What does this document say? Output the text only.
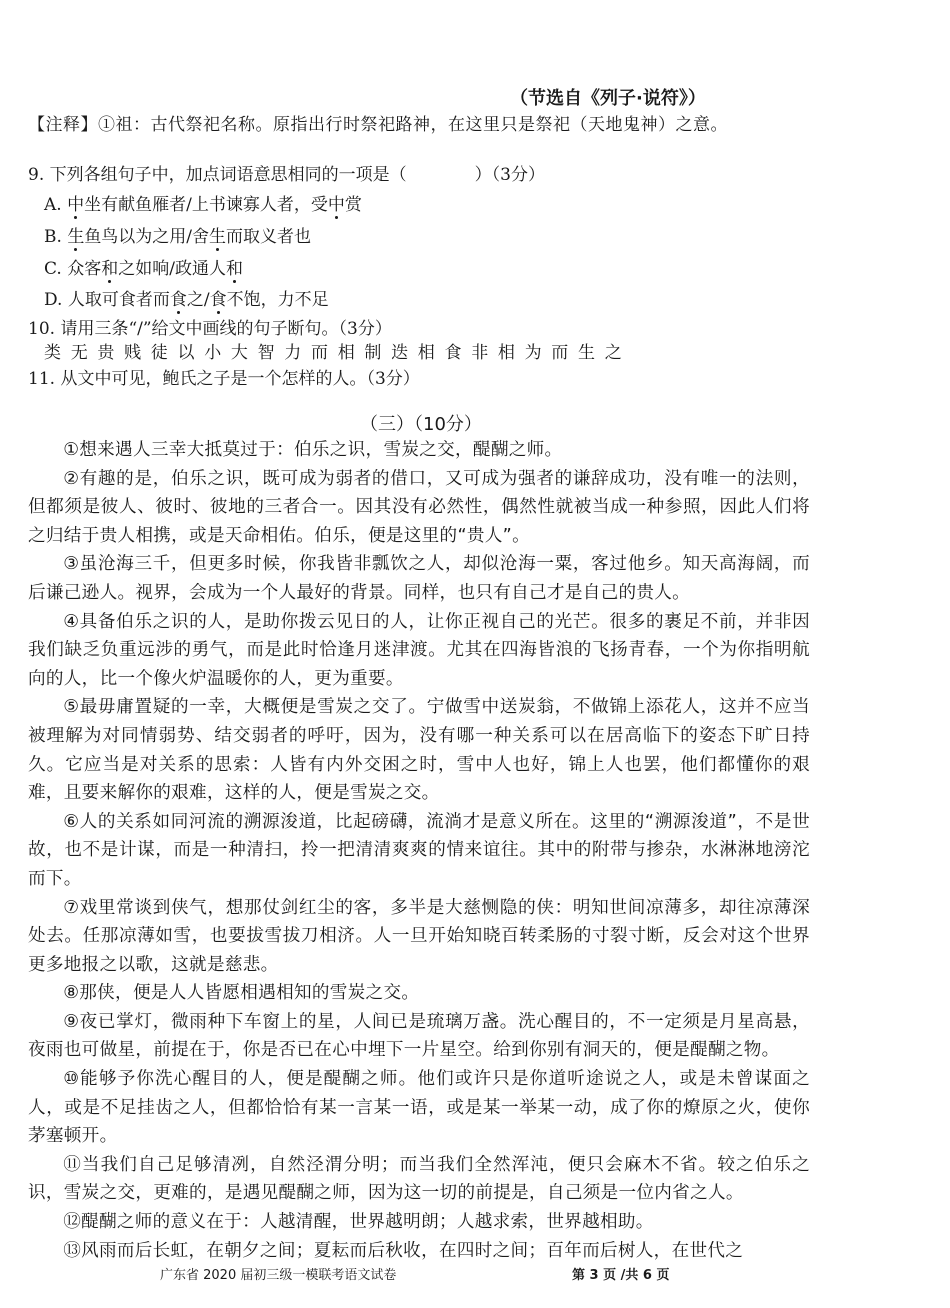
（节选自《列子·说符》）
【注释】①祖：古代祭祀名称。原指出行时祭祀路神，在这里只是祭祀（天地鬼神）之意。
9. 下列各组句子中，加点词语意思相同的一项是（　　　　）（3分）
A. 中坐有献鱼雁者/上书谏寡人者，受中赏
B. 生鱼鸟以为之用/舍生而取义者也
C. 众客和之如响/政通人和
D. 人取可食者而食之/食不饱，力不足
10. 请用三条“/”给文中画线的句子断句。（3分）
类无贵贱徒以小大智力而相制迭相食非相为而生之
11. 从文中可见，鲍氏之子是一个怎样的人。（3分）
（三）（10分）

①想来遇人三幸大抵莫过于：伯乐之识，雪炭之交，醍醐之师。

②有趣的是，伯乐之识，既可成为弱者的借口，又可成为强者的谦辞成功，没有唯一的法则，但都须是彼人、彼时、彼地的三者合一。因其没有必然性，偶然性就被当成一种参照，因此人们将之归结于贵人相携，或是天命相佑。伯乐，便是这里的“贵人”。

③虽沧海三千，但更多时候，你我皆非瓢饮之人，却似沧海一粟，客过他乡。知天高海阔，而后谦己逊人。视界，会成为一个人最好的背景。同样，也只有自己才是自己的贵人。

④具备伯乐之识的人，是助你拨云见日的人，让你正视自己的光芒。很多的裹足不前，并非因我们缺乏负重远涉的勇气，而是此时恰逢月迷津渡。尤其在四海皆浪的飞扬青春，一个为你指明航向的人，比一个像火炉温暖你的人，更为重要。

⑤最毋庸置疑的一幸，大概便是雪炭之交了。宁做雪中送炭翁，不做锦上添花人，这并不应当被理解为对同情弱势、结交弱者的呼吁，因为，没有哪一种关系可以在居高临下的姿态下旷日持久。它应当是对关系的思索：人皆有内外交困之时，雪中人也好，锦上人也罢，他们都懂你的艰难，且要来解你的艰难，这样的人，便是雪炭之交。

⑥人的关系如同河流的溯源浚道，比起磅礴，流淌才是意义所在。这里的“溯源浚道”，不是世故，也不是计谋，而是一种清扫，拎一把清清爽爽的情来谊往。其中的附带与掺杂，水淋淋地滂沱而下。

⑦戏里常谈到侠气，想那仗剑红尘的客，多半是大慈恻隐的侠：明知世间凉薄多，却往凉薄深处去。任那凉薄如雪，也要拔雪拔刀相济。人一旦开始知晓百转柔肠的寸裂寸断，反会对这个世界更多地报之以歌，这就是慈悲。

⑧那侠，便是人人皆愿相遇相知的雪炭之交。

⑨夜已掌灯，微雨种下车窗上的星，人间已是琉璃万盏。洗心醒目的，不一定须是月星高悬，夜雨也可做星，前提在于，你是否已在心中埋下一片星空。给到你别有洞天的，便是醍醐之物。

⑩能够予你洗心醒目的人，便是醍醐之师。他们或许只是你道听途说之人，或是未曾谋面之人，或是不足挂齿之人，但都恰恰有某一言某一语，或是某一举某一动，成了你的燎原之火，使你茅塞顿开。

⑪当我们自己足够清冽，自然泾渭分明；而当我们全然浑沌，便只会麻木不省。较之伯乐之识，雪炭之交，更难的，是遇见醍醐之师，因为这一切的前提是，自己须是一位内省之人。

⑫醍醐之师的意义在于：人越清醒，世界越明朗；人越求索，世界越相助。

⑬风雨而后长虹，在朝夕之间；夏耘而后秋收，在四时之间；百年而后树人，在世代之

广东省 2020 届初三级一模联考语文试卷	第 3 页 /共 6 页
